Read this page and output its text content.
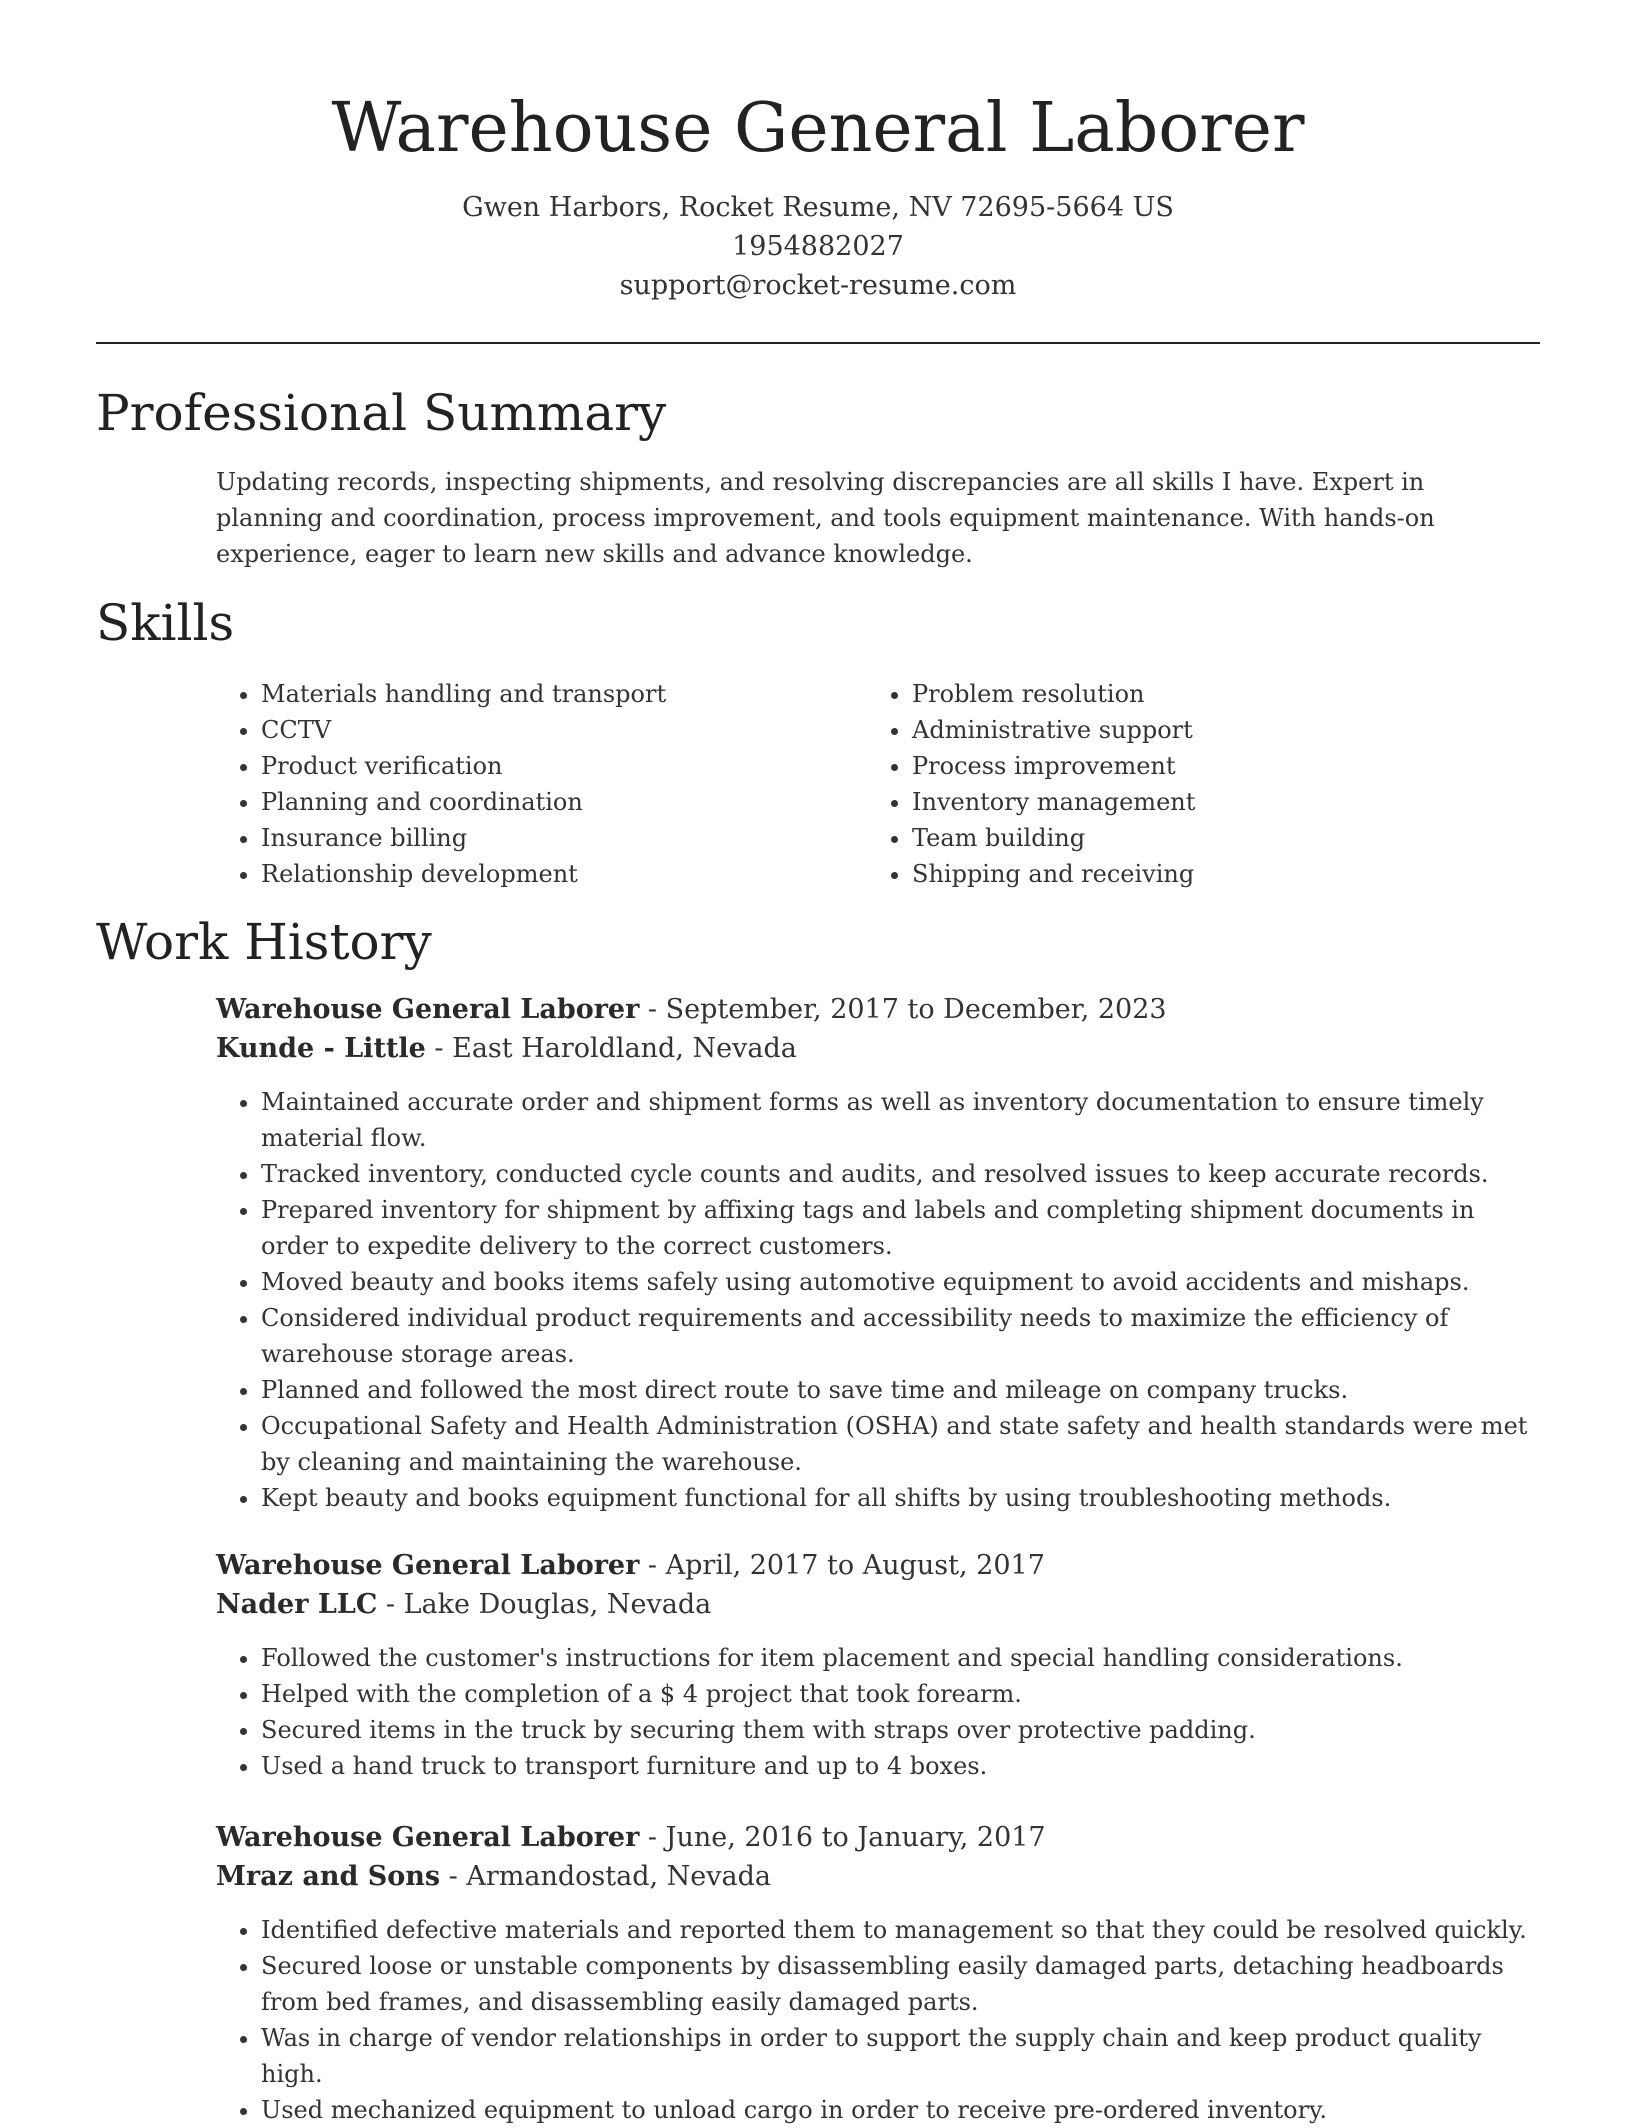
Warehouse General Laborer
Gwen Harbors, Rocket Resume, NV 72695-5664 US
1954882027
support@rocket-resume.com
Professional Summary

Updating records, inspecting shipments, and resolving discrepancies are all skills I have. Expert in planning and coordination, process improvement, and tools equipment maintenance. With hands-on experience, eager to learn new skills and advance knowledge.

Skills
• Materials handling and transport
• CCTV
• Product verification
• Planning and coordination
• Insurance billing
• Relationship development
• Problem resolution
• Administrative support
• Process improvement
• Inventory management
• Team building
• Shipping and receiving
Work History
Warehouse General Laborer - September, 2017 to December, 2023
Kunde - Little - East Haroldland, Nevada
• Maintained accurate order and shipment forms as well as inventory documentation to ensure timely material flow.
• Tracked inventory, conducted cycle counts and audits, and resolved issues to keep accurate records.
• Prepared inventory for shipment by affixing tags and labels and completing shipment documents in order to expedite delivery to the correct customers.
• Moved beauty and books items safely using automotive equipment to avoid accidents and mishaps.
• Considered individual product requirements and accessibility needs to maximize the efficiency of warehouse storage areas.
• Planned and followed the most direct route to save time and mileage on company trucks.
• Occupational Safety and Health Administration (OSHA) and state safety and health standards were met by cleaning and maintaining the warehouse.
• Kept beauty and books equipment functional for all shifts by using troubleshooting methods.
Warehouse General Laborer - April, 2017 to August, 2017
Nader LLC - Lake Douglas, Nevada
• Followed the customer's instructions for item placement and special handling considerations.
• Helped with the completion of a $ 4 project that took forearm.
• Secured items in the truck by securing them with straps over protective padding.
• Used a hand truck to transport furniture and up to 4 boxes.
Warehouse General Laborer - June, 2016 to January, 2017
Mraz and Sons - Armandostad, Nevada
• Identified defective materials and reported them to management so that they could be resolved quickly.
• Secured loose or unstable components by disassembling easily damaged parts, detaching headboards from bed frames, and disassembling easily damaged parts.
• Was in charge of vendor relationships in order to support the supply chain and keep product quality high.
• Used mechanized equipment to unload cargo in order to receive pre-ordered inventory.
